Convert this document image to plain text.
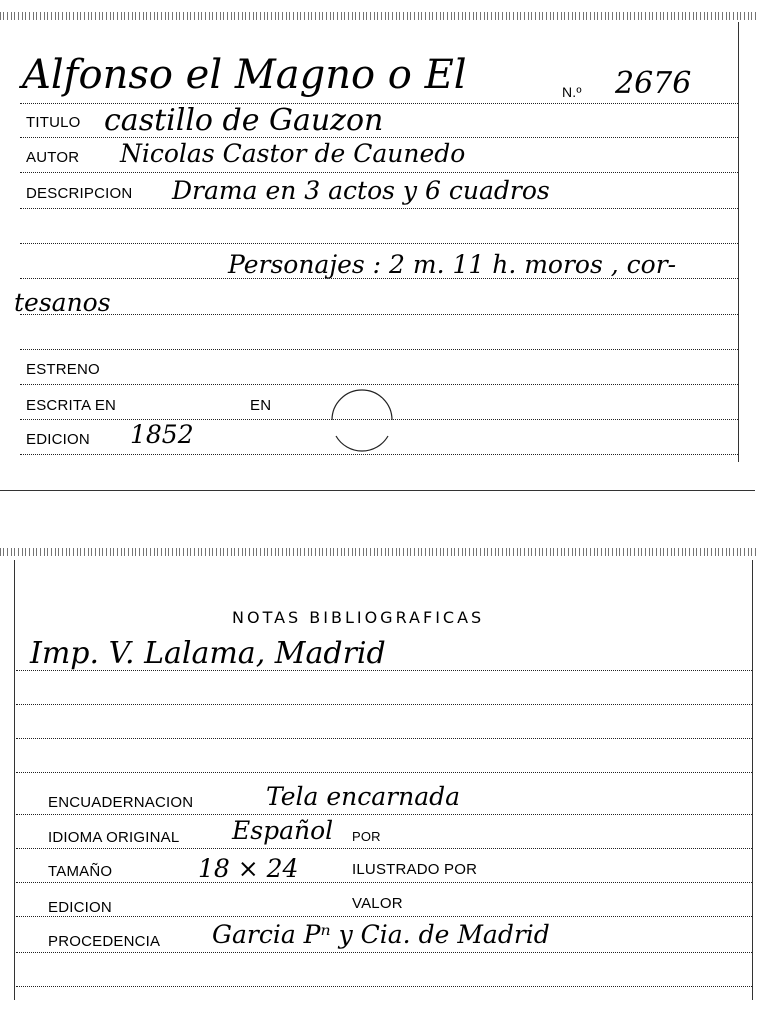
Alfonso el Magno o El	N.º 2676
TITULO castillo de Gauzon
AUTOR Nicolas Castor de Caunedo
DESCRIPCION Drama en 3 actos y 6 cuadros
Personajes : 2 m. 11 h. moros , cor-
tesanos
ESTRENO
ESCRITA EN	EN
EDICION 1852
NOTAS BIBLIOGRAFICAS
Imp. V. Lalama, Madrid
ENCUADERNACION	Tela encarnada
IDIOMA ORIGINAL Español POR
TAMAÑO	18 × 24	ILUSTRADO POR
EDICION	VALOR
PROCEDENCIA Garcia Pⁿ y Cia. de Madrid
